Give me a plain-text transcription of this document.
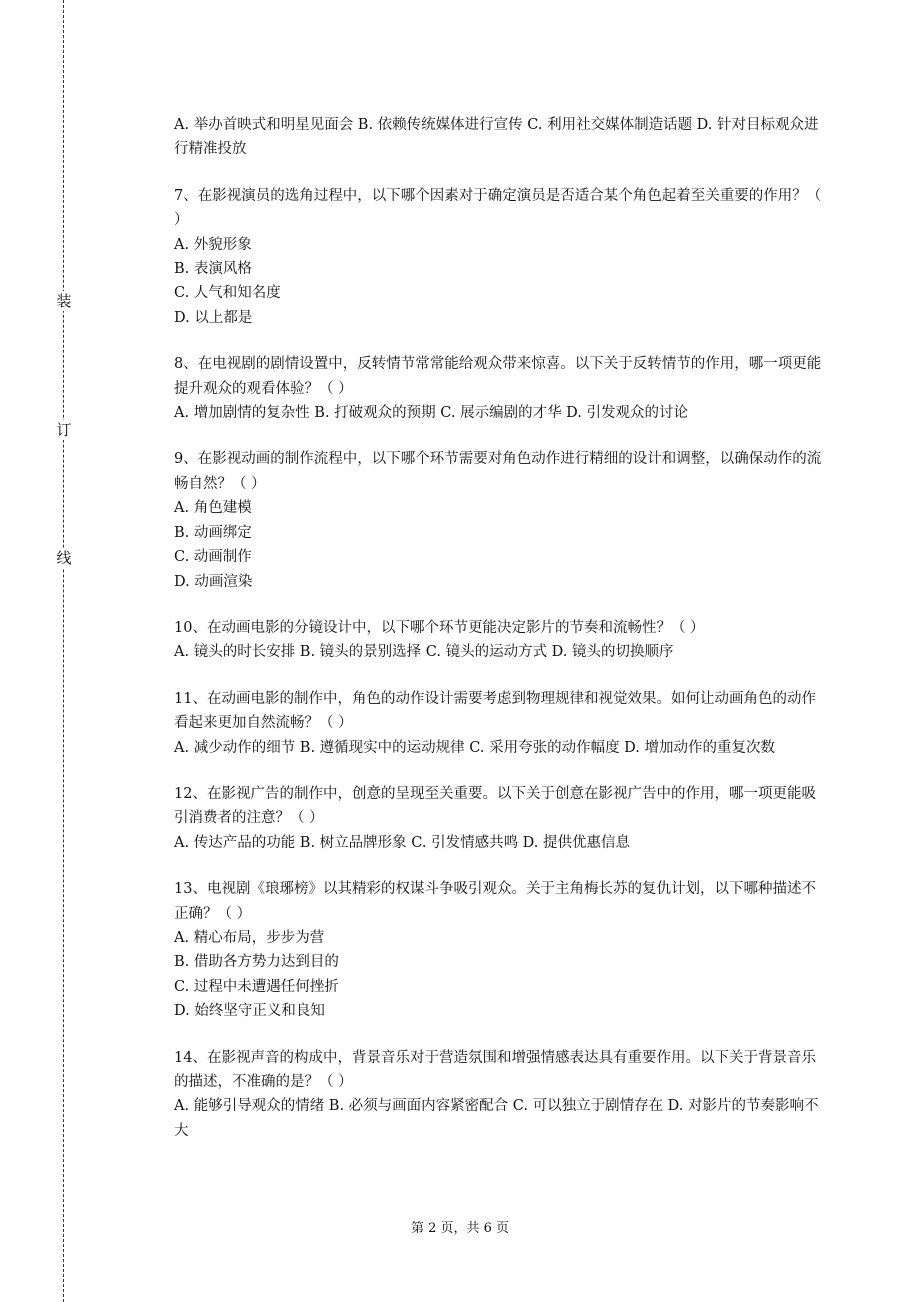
装
订
线

A. 举办首映式和明星见面会 B. 依赖传统媒体进行宣传 C. 利用社交媒体制造话题 D. 针对目标观众进行精准投放

7、在影视演员的选角过程中，以下哪个因素对于确定演员是否适合某个角色起着至关重要的作用？（ ）

A. 外貌形象

B. 表演风格

C. 人气和知名度

D. 以上都是

8、在电视剧的剧情设置中，反转情节常常能给观众带来惊喜。以下关于反转情节的作用，哪一项更能提升观众的观看体验？（ ）

A. 增加剧情的复杂性 B. 打破观众的预期 C. 展示编剧的才华 D. 引发观众的讨论

9、在影视动画的制作流程中，以下哪个环节需要对角色动作进行精细的设计和调整，以确保动作的流畅自然？（ ）

A. 角色建模

B. 动画绑定

C. 动画制作

D. 动画渲染

10、在动画电影的分镜设计中，以下哪个环节更能决定影片的节奏和流畅性？（ ）

A. 镜头的时长安排 B. 镜头的景别选择 C. 镜头的运动方式 D. 镜头的切换顺序

11、在动画电影的制作中，角色的动作设计需要考虑到物理规律和视觉效果。如何让动画角色的动作看起来更加自然流畅？（ ）

A. 减少动作的细节 B. 遵循现实中的运动规律 C. 采用夸张的动作幅度 D. 增加动作的重复次数

12、在影视广告的制作中，创意的呈现至关重要。以下关于创意在影视广告中的作用，哪一项更能吸引消费者的注意？（ ）

A. 传达产品的功能 B. 树立品牌形象 C. 引发情感共鸣 D. 提供优惠信息

13、电视剧《琅琊榜》以其精彩的权谋斗争吸引观众。关于主角梅长苏的复仇计划，以下哪种描述不正确？（ ）

A. 精心布局，步步为营

B. 借助各方势力达到目的

C. 过程中未遭遇任何挫折

D. 始终坚守正义和良知

14、在影视声音的构成中，背景音乐对于营造氛围和增强情感表达具有重要作用。以下关于背景音乐的描述，不准确的是？（ ）

A. 能够引导观众的情绪 B. 必须与画面内容紧密配合 C. 可以独立于剧情存在 D. 对影片的节奏影响不大

第 2 页，共 6 页
